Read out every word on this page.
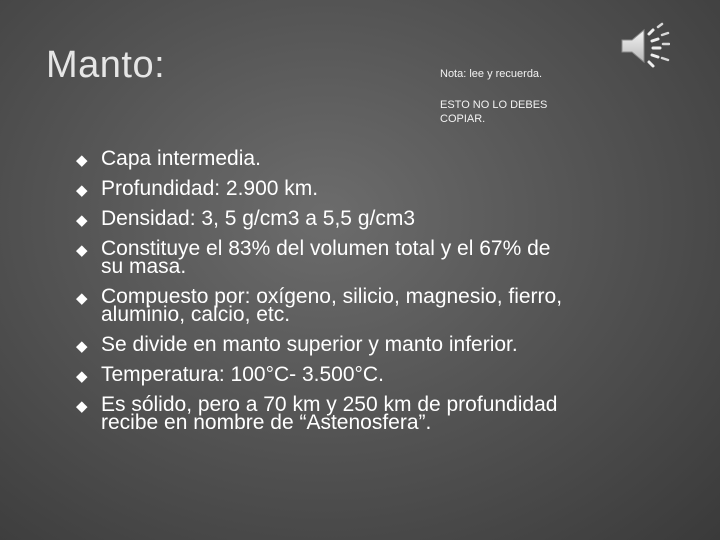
Manto:	Nota: lee y recuerda.

ESTO NO LO DEBES COPIAR.

◆ Capa intermedia.
◆ Profundidad: 2.900 km.
◆ Densidad: 3, 5 g/cm3 a 5,5 g/cm3
◆ Constituye el 83% del volumen total y el 67% de su masa.
◆ Compuesto por: oxígeno, silicio, magnesio, fierro, aluminio, calcio, etc.
◆ Se divide en manto superior y manto inferior.
◆ Temperatura: 100°C- 3.500°C.
◆ Es sólido, pero a 70 km y 250 km de profundidad recibe en nombre de “Astenosfera”.
